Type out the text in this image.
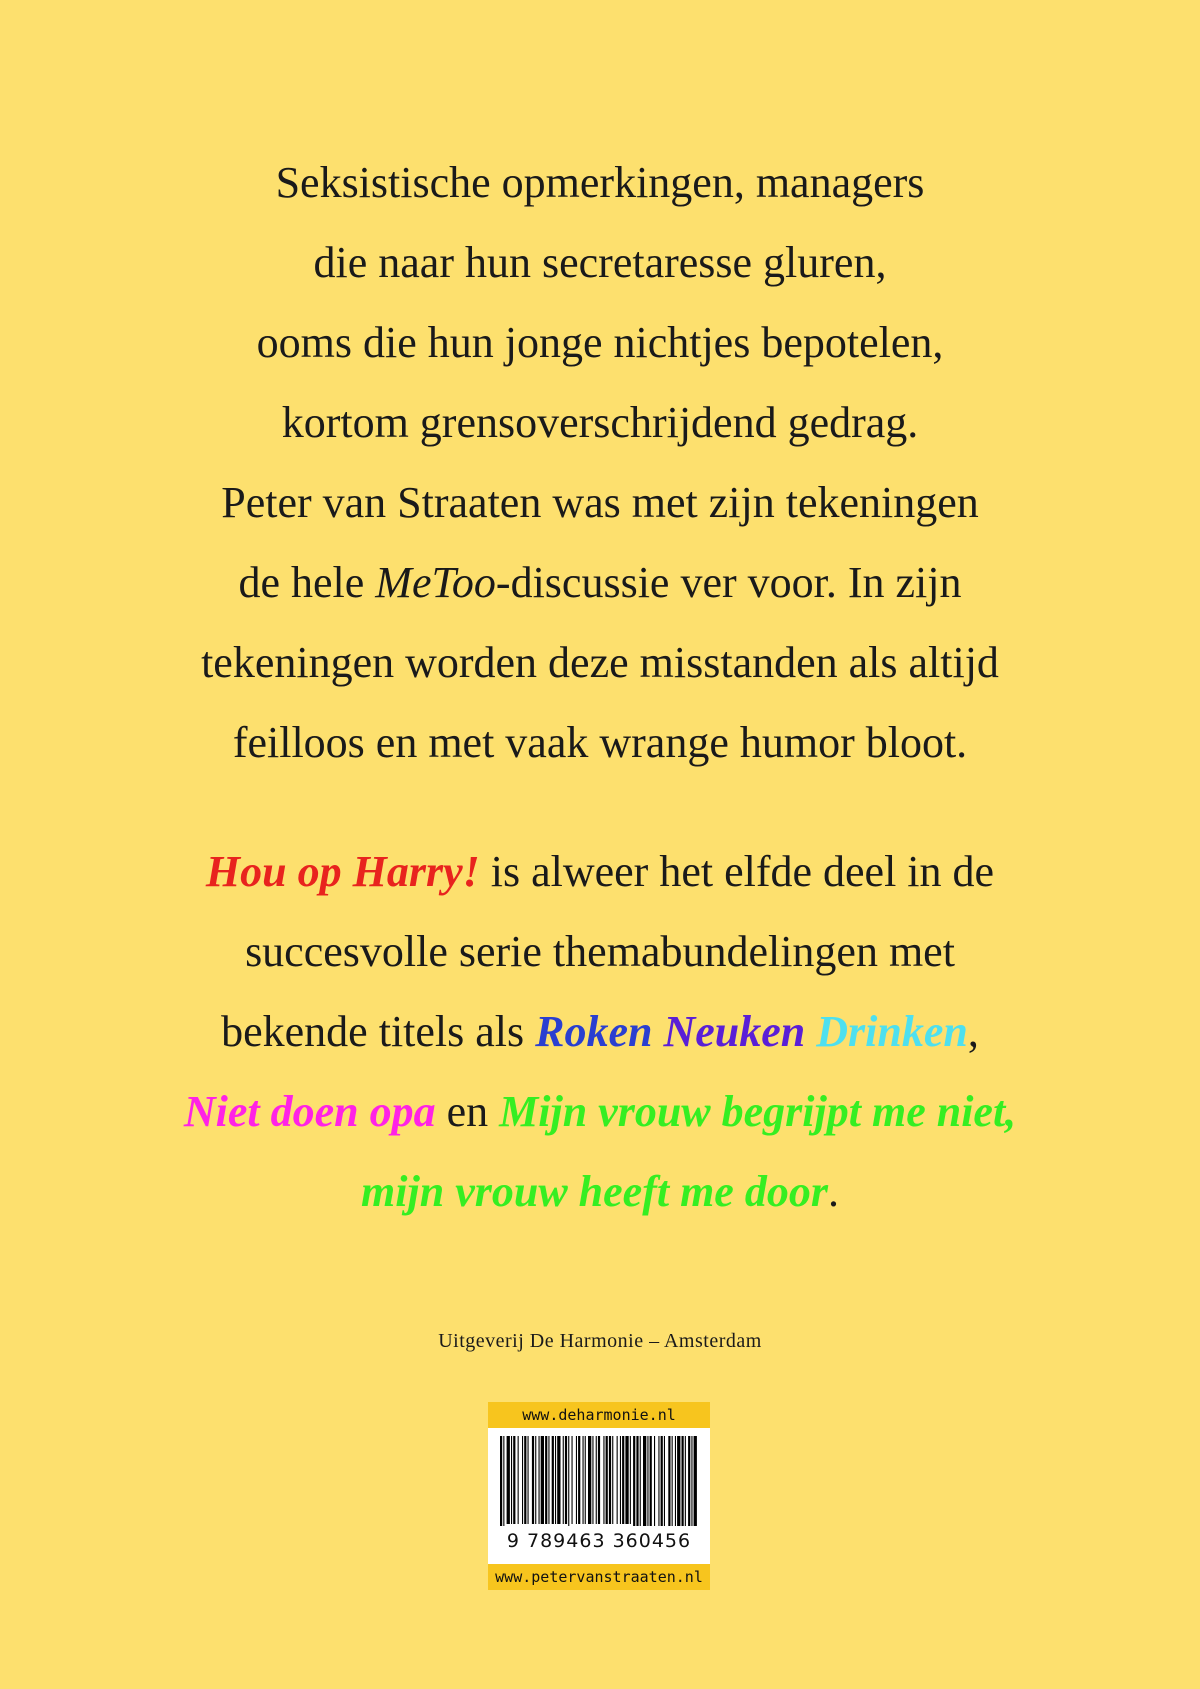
Seksistische opmerkingen, managers
die naar hun secretaresse gluren,
ooms die hun jonge nichtjes bepotelen,
kortom grensoverschrijdend gedrag.
Peter van Straaten was met zijn tekeningen
de hele MeToo-discussie ver voor. In zijn
tekeningen worden deze misstanden als altijd
feilloos en met vaak wrange humor bloot.
Hou op Harry! is alweer het elfde deel in de
succesvolle serie themabundelingen met
bekende titels als Roken Neuken Drinken,
Niet doen opa en Mijn vrouw begrijpt me niet,
mijn vrouw heeft me door.
Uitgeverij De Harmonie – Amsterdam
www.deharmonie.nl
9 789463 360456
www.petervanstraaten.nl
